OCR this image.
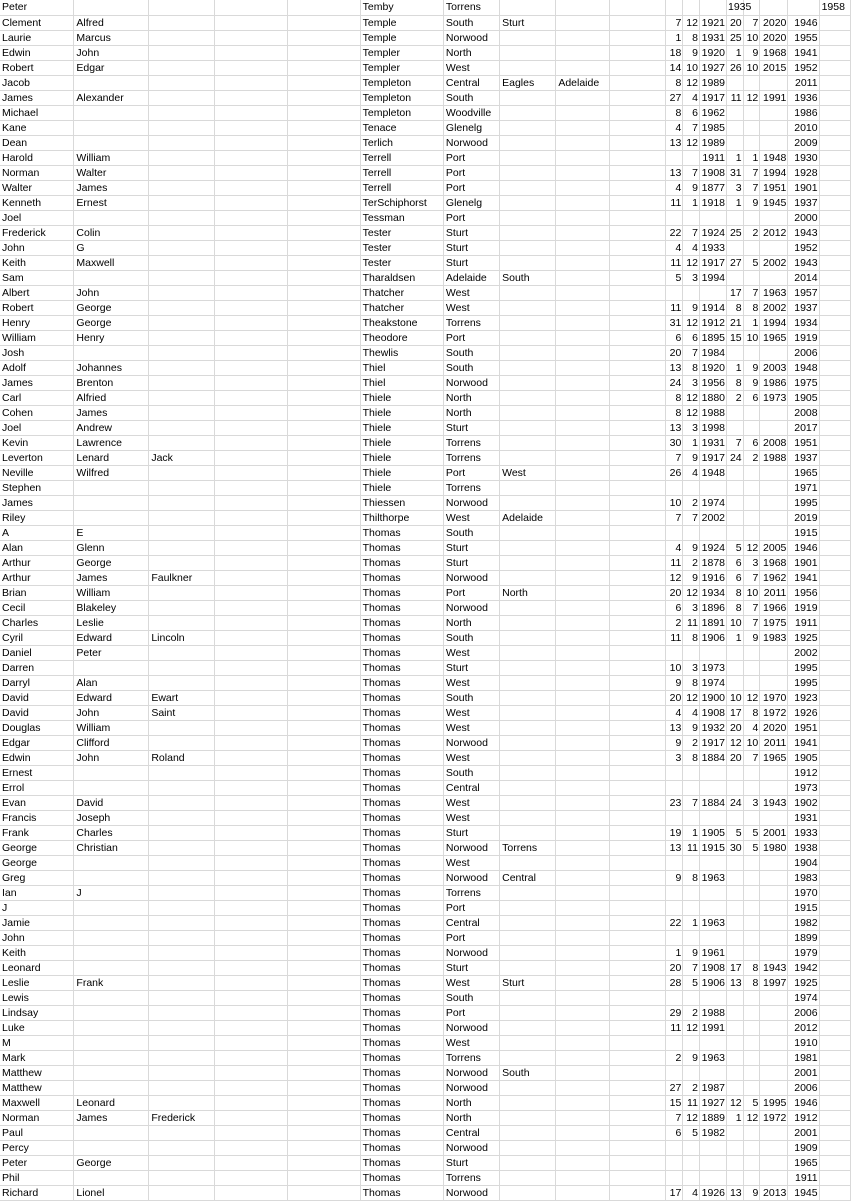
Peter					Temby	Torrens							1935				1958
Clement	Alfred				Temple	South	Sturt			7	12	1921	20	7	2020	1946	
Laurie	Marcus				Temple	Norwood				1	8	1931	25	10	2020	1955	
Edwin	John				Templer	North				18	9	1920	1	9	1968	1941	
Robert	Edgar				Templer	West				14	10	1927	26	10	2015	1952	
Jacob					Templeton	Central	Eagles	Adelaide		8	12	1989				2011	
James	Alexander				Templeton	South				27	4	1917	11	12	1991	1936	
Michael					Templeton	Woodville				8	6	1962				1986	
Kane					Tenace	Glenelg				4	7	1985				2010	
Dean					Terlich	Norwood				13	12	1989				2009	
Harold	William				Terrell	Port						1911	1	1	1948	1930	
Norman	Walter				Terrell	Port				13	7	1908	31	7	1994	1928	
Walter	James				Terrell	Port				4	9	1877	3	7	1951	1901	
Kenneth	Ernest				TerSchiphorst	Glenelg				11	1	1918	1	9	1945	1937	
Joel					Tessman	Port										2000	
Frederick	Colin				Tester	Sturt				22	7	1924	25	2	2012	1943	
John	G				Tester	Sturt				4	4	1933				1952	
Keith	Maxwell				Tester	Sturt				11	12	1917	27	5	2002	1943	
Sam					Tharaldsen	Adelaide	South			5	3	1994				2014	
Albert	John				Thatcher	West							17	7	1963	1957	
Robert	George				Thatcher	West				11	9	1914	8	8	2002	1937	
Henry	George				Theakstone	Torrens				31	12	1912	21	1	1994	1934	
William	Henry				Theodore	Port				6	6	1895	15	10	1965	1919	
Josh					Thewlis	South				20	7	1984				2006	
Adolf	Johannes				Thiel	South				13	8	1920	1	9	2003	1948	
James	Brenton				Thiel	Norwood				24	3	1956	8	9	1986	1975	
Carl	Alfried				Thiele	North				8	12	1880	2	6	1973	1905	
Cohen	James				Thiele	North				8	12	1988				2008	
Joel	Andrew				Thiele	Sturt				13	3	1998				2017	
Kevin	Lawrence				Thiele	Torrens				30	1	1931	7	6	2008	1951	
Leverton	Lenard	Jack			Thiele	Torrens				7	9	1917	24	2	1988	1937	
Neville	Wilfred				Thiele	Port	West			26	4	1948				1965	
Stephen					Thiele	Torrens										1971	
James					Thiessen	Norwood				10	2	1974				1995	
Riley					Thilthorpe	West	Adelaide			7	7	2002				2019	
A	E				Thomas	South										1915	
Alan	Glenn				Thomas	Sturt				4	9	1924	5	12	2005	1946	
Arthur	George				Thomas	Sturt				11	2	1878	6	3	1968	1901	
Arthur	James	Faulkner			Thomas	Norwood				12	9	1916	6	7	1962	1941	
Brian	William				Thomas	Port	North			20	12	1934	8	10	2011	1956	
Cecil	Blakeley				Thomas	Norwood				6	3	1896	8	7	1966	1919	
Charles	Leslie				Thomas	North				2	11	1891	10	7	1975	1911	
Cyril	Edward	Lincoln			Thomas	South				11	8	1906	1	9	1983	1925	
Daniel	Peter				Thomas	West										2002	
Darren					Thomas	Sturt				10	3	1973				1995	
Darryl	Alan				Thomas	West				9	8	1974				1995	
David	Edward	Ewart			Thomas	South				20	12	1900	10	12	1970	1923	
David	John	Saint			Thomas	West				4	4	1908	17	8	1972	1926	
Douglas	William				Thomas	West				13	9	1932	20	4	2020	1951	
Edgar	Clifford				Thomas	Norwood				9	2	1917	12	10	2011	1941	
Edwin	John	Roland			Thomas	West				3	8	1884	20	7	1965	1905	
Ernest					Thomas	South										1912	
Errol					Thomas	Central										1973	
Evan	David				Thomas	West				23	7	1884	24	3	1943	1902	
Francis	Joseph				Thomas	West										1931	
Frank	Charles				Thomas	Sturt				19	1	1905	5	5	2001	1933	
George	Christian				Thomas	Norwood	Torrens			13	11	1915	30	5	1980	1938	
George					Thomas	West										1904	
Greg					Thomas	Norwood	Central			9	8	1963				1983	
Ian	J				Thomas	Torrens										1970	
J					Thomas	Port										1915	
Jamie					Thomas	Central				22	1	1963				1982	
John					Thomas	Port										1899	
Keith					Thomas	Norwood				1	9	1961				1979	
Leonard					Thomas	Sturt				20	7	1908	17	8	1943	1942	
Leslie	Frank				Thomas	West	Sturt			28	5	1906	13	8	1997	1925	
Lewis					Thomas	South										1974	
Lindsay					Thomas	Port				29	2	1988				2006	
Luke					Thomas	Norwood				11	12	1991				2012	
M					Thomas	West										1910	
Mark					Thomas	Torrens				2	9	1963				1981	
Matthew					Thomas	Norwood	South									2001	
Matthew					Thomas	Norwood				27	2	1987				2006	
Maxwell	Leonard				Thomas	North				15	11	1927	12	5	1995	1946	
Norman	James	Frederick			Thomas	North				7	12	1889	1	12	1972	1912	
Paul					Thomas	Central				6	5	1982				2001	
Percy					Thomas	Norwood										1909	
Peter	George				Thomas	Sturt										1965	
Phil					Thomas	Torrens										1911	
Richard	Lionel				Thomas	Norwood				17	4	1926	13	9	2013	1945	
